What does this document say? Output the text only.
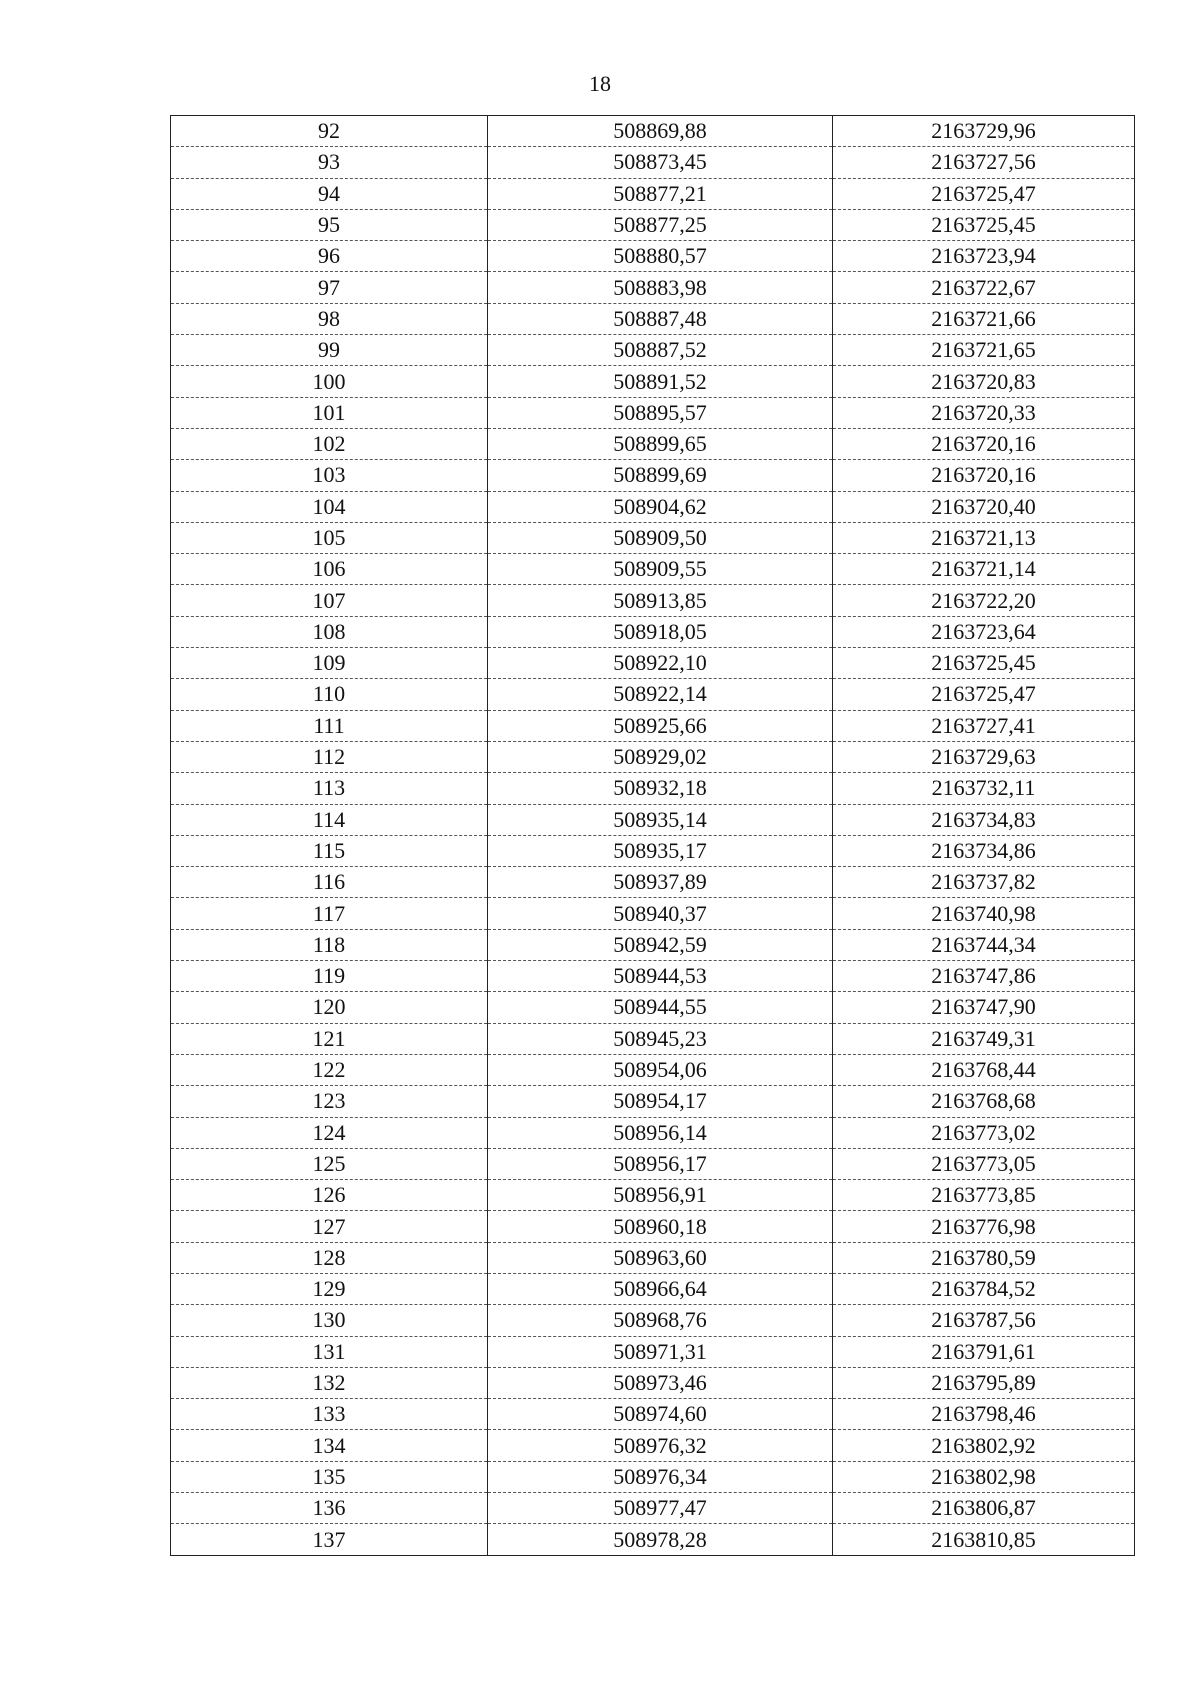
18
92	508869,88	2163729,96
93	508873,45	2163727,56
94	508877,21	2163725,47
95	508877,25	2163725,45
96	508880,57	2163723,94
97	508883,98	2163722,67
98	508887,48	2163721,66
99	508887,52	2163721,65
100	508891,52	2163720,83
101	508895,57	2163720,33
102	508899,65	2163720,16
103	508899,69	2163720,16
104	508904,62	2163720,40
105	508909,50	2163721,13
106	508909,55	2163721,14
107	508913,85	2163722,20
108	508918,05	2163723,64
109	508922,10	2163725,45
110	508922,14	2163725,47
111	508925,66	2163727,41
112	508929,02	2163729,63
113	508932,18	2163732,11
114	508935,14	2163734,83
115	508935,17	2163734,86
116	508937,89	2163737,82
117	508940,37	2163740,98
118	508942,59	2163744,34
119	508944,53	2163747,86
120	508944,55	2163747,90
121	508945,23	2163749,31
122	508954,06	2163768,44
123	508954,17	2163768,68
124	508956,14	2163773,02
125	508956,17	2163773,05
126	508956,91	2163773,85
127	508960,18	2163776,98
128	508963,60	2163780,59
129	508966,64	2163784,52
130	508968,76	2163787,56
131	508971,31	2163791,61
132	508973,46	2163795,89
133	508974,60	2163798,46
134	508976,32	2163802,92
135	508976,34	2163802,98
136	508977,47	2163806,87
137	508978,28	2163810,85
